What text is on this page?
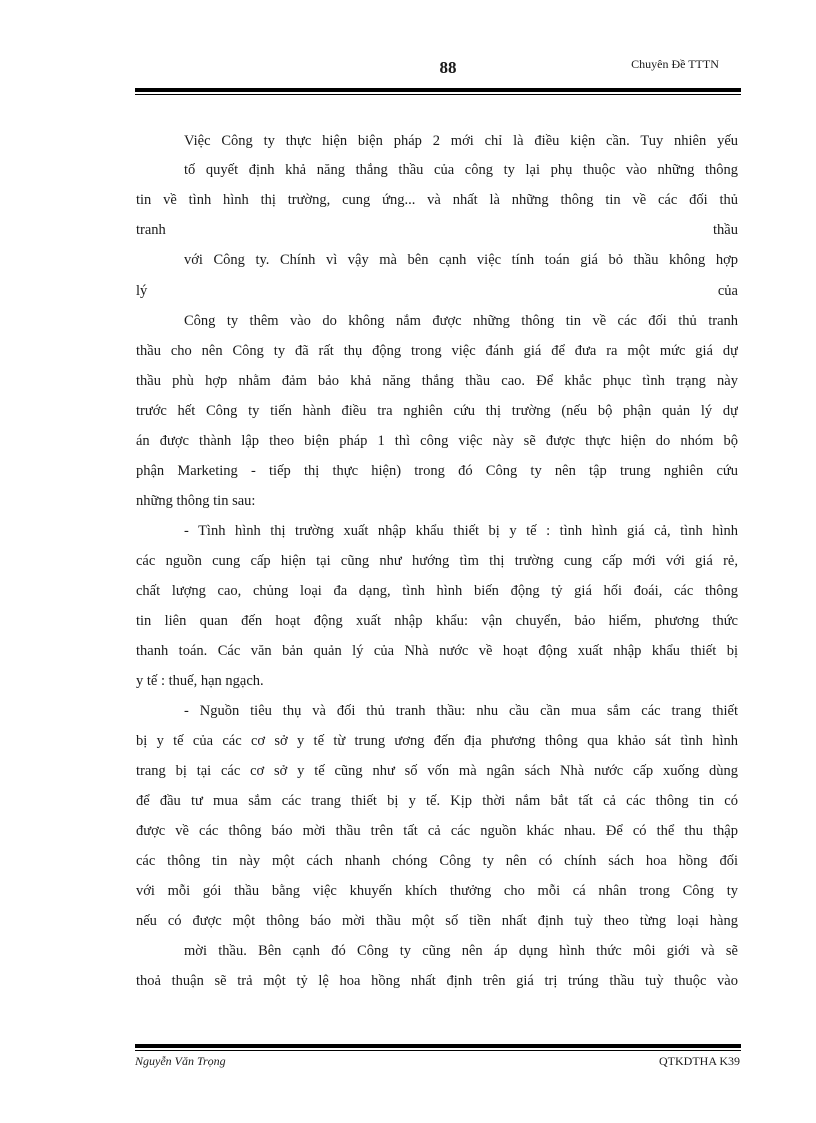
88	Chuyên Đề TTTN
Việc Công ty thực hiện biện pháp 2 mới chỉ là điều kiện cần. Tuy nhiên yếu
tố quyết định khả năng thắng thầu của công ty lại phụ thuộc vào những thông
tin về tình hình thị trường, cung ứng... và nhất là những thông tin về các đối thủ
tranh	thầu
với Công ty. Chính vì vậy mà bên cạnh việc tính toán giá bỏ thầu không hợp
lý	của
Công ty thêm vào do không nắm được những thông tin về các đối thủ tranh
thầu cho nên Công ty đã rất thụ động trong việc đánh giá để đưa ra một mức giá dự
thầu phù hợp nhằm đảm bảo khả năng thắng thầu cao. Để khắc phục tình trạng này
trước hết Công ty tiến hành điều tra nghiên cứu thị trường (nếu bộ phận quản lý dự
án được thành lập theo biện pháp 1 thì công việc này sẽ được thực hiện do nhóm bộ
phận Marketing - tiếp thị thực hiện) trong đó Công ty nên tập trung nghiên cứu
những thông tin sau:
- Tình hình thị trường xuất nhập khẩu thiết bị y tế : tình hình giá cả, tình hình
các nguồn cung cấp hiện tại cũng như hướng tìm thị trường cung cấp mới với giá rẻ,
chất lượng cao, chủng loại đa dạng, tình hình biến động tỷ giá hối đoái, các thông
tin liên quan đến hoạt động xuất nhập khẩu: vận chuyển, bảo hiểm, phương thức
thanh toán. Các văn bản quản lý của Nhà nước về hoạt động xuất nhập khẩu thiết bị
y tế : thuế, hạn ngạch.
- Nguồn tiêu thụ và đối thủ tranh thầu: nhu cầu cần mua sắm các trang thiết
bị y tế của các cơ sở y tế từ trung ương đến địa phương thông qua khảo sát tình hình
trang bị tại các cơ sở y tế cũng như số vốn mà ngân sách Nhà nước cấp xuống dùng
để đầu tư mua sắm các trang thiết bị y tế. Kịp thời nắm bắt tất cả các thông tin có
được về các thông báo mời thầu trên tất cả các nguồn khác nhau. Để có thể thu thập
các thông tin này một cách nhanh chóng Công ty nên có chính sách hoa hồng đối
với mỗi gói thầu bằng việc khuyến khích thưởng cho mỗi cá nhân trong Công ty
nếu có được một thông báo mời thầu một số tiền nhất định tuỳ theo từng loại hàng
mời thầu. Bên cạnh đó Công ty cũng nên áp dụng hình thức môi giới và sẽ
thoả thuận sẽ trả một tỷ lệ hoa hồng nhất định trên giá trị trúng thầu tuỳ thuộc vào
Nguyễn Văn Trọng	QTKDTHA K39
